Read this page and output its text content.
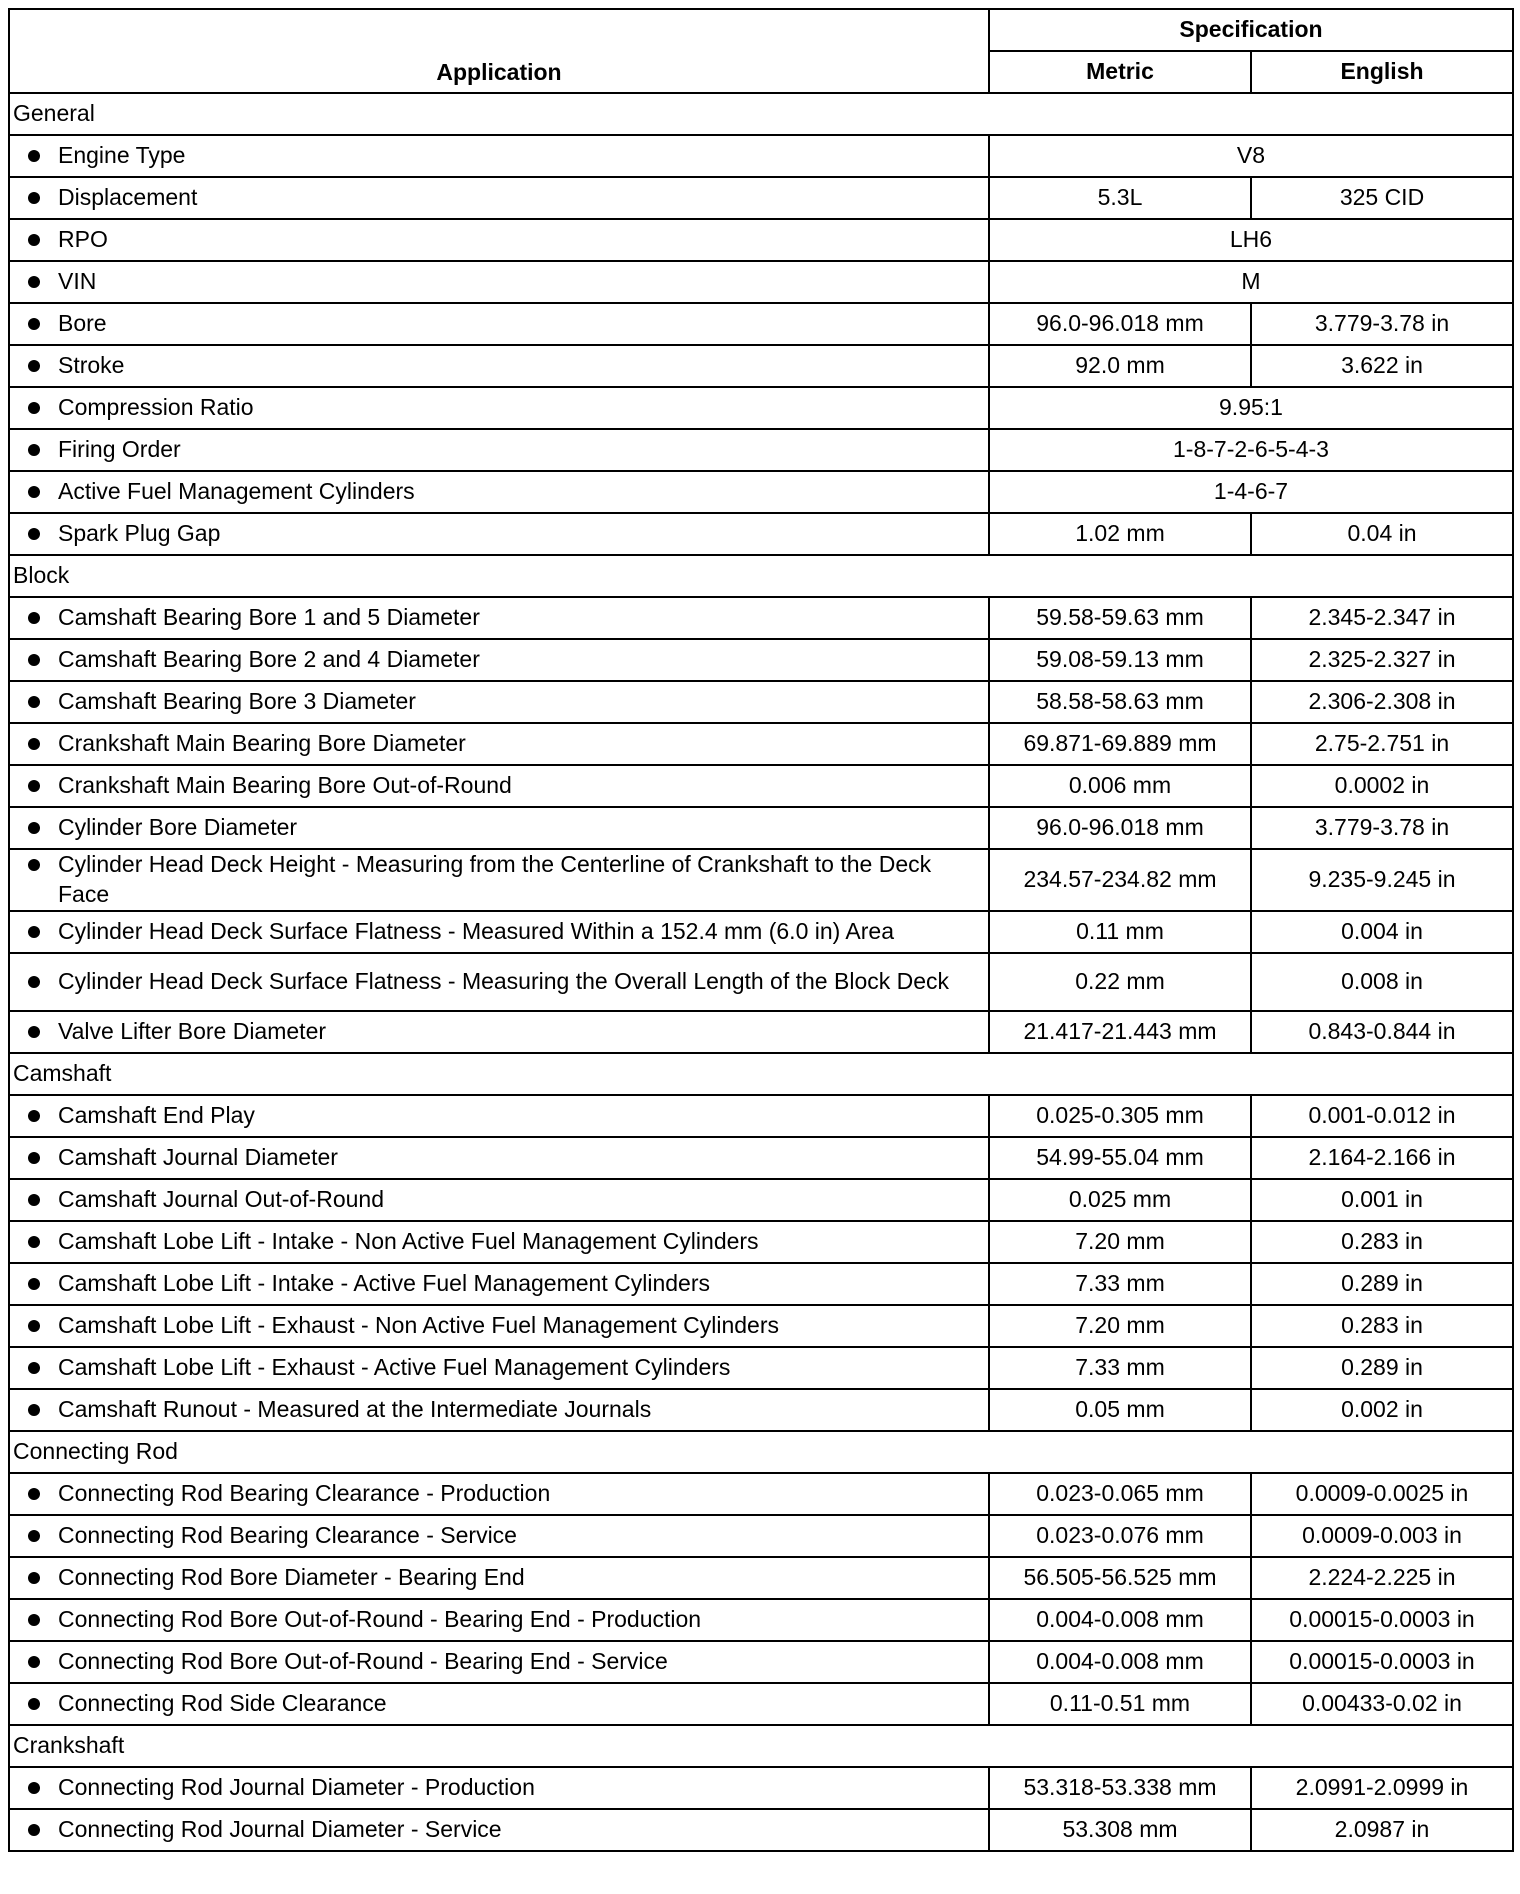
Application	Specification	
	Metric	English
General		

Engine Type	V8	

Displacement	5.3L	325 CID

RPO	LH6	

VIN	M	

Bore	96.0-96.018 mm	3.779-3.78 in

Stroke	92.0 mm	3.622 in

Compression Ratio	9.95:1	

Firing Order	1-8-7-2-6-5-4-3	

Active Fuel Management Cylinders	1-4-6-7	

Spark Plug Gap	1.02 mm	0.04 in
Block		

Camshaft Bearing Bore 1 and 5 Diameter	59.58-59.63 mm	2.345-2.347 in

Camshaft Bearing Bore 2 and 4 Diameter	59.08-59.13 mm	2.325-2.327 in

Camshaft Bearing Bore 3 Diameter	58.58-58.63 mm	2.306-2.308 in

Crankshaft Main Bearing Bore Diameter	69.871-69.889 mm	2.75-2.751 in

Crankshaft Main Bearing Bore Out-of-Round	0.006 mm	0.0002 in

Cylinder Bore Diameter	96.0-96.018 mm	3.779-3.78 in

Cylinder Head Deck Height - Measuring from the Centerline of Crankshaft to the Deck Face	234.57-234.82 mm	9.235-9.245 in

Cylinder Head Deck Surface Flatness - Measured Within a 152.4 mm (6.0 in) Area	0.11 mm	0.004 in

Cylinder Head Deck Surface Flatness - Measuring the Overall Length of the Block Deck	0.22 mm	0.008 in

Valve Lifter Bore Diameter	21.417-21.443 mm	0.843-0.844 in
Camshaft		

Camshaft End Play	0.025-0.305 mm	0.001-0.012 in

Camshaft Journal Diameter	54.99-55.04 mm	2.164-2.166 in

Camshaft Journal Out-of-Round	0.025 mm	0.001 in

Camshaft Lobe Lift - Intake - Non Active Fuel Management Cylinders	7.20 mm	0.283 in

Camshaft Lobe Lift - Intake - Active Fuel Management Cylinders	7.33 mm	0.289 in

Camshaft Lobe Lift - Exhaust - Non Active Fuel Management Cylinders	7.20 mm	0.283 in

Camshaft Lobe Lift - Exhaust - Active Fuel Management Cylinders	7.33 mm	0.289 in

Camshaft Runout - Measured at the Intermediate Journals	0.05 mm	0.002 in
Connecting Rod		

Connecting Rod Bearing Clearance - Production	0.023-0.065 mm	0.0009-0.0025 in

Connecting Rod Bearing Clearance - Service	0.023-0.076 mm	0.0009-0.003 in

Connecting Rod Bore Diameter - Bearing End	56.505-56.525 mm	2.224-2.225 in

Connecting Rod Bore Out-of-Round - Bearing End - Production	0.004-0.008 mm	0.00015-0.0003 in

Connecting Rod Bore Out-of-Round - Bearing End - Service	0.004-0.008 mm	0.00015-0.0003 in

Connecting Rod Side Clearance	0.11-0.51 mm	0.00433-0.02 in
Crankshaft		

Connecting Rod Journal Diameter - Production	53.318-53.338 mm	2.0991-2.0999 in

Connecting Rod Journal Diameter - Service	53.308 mm	2.0987 in
